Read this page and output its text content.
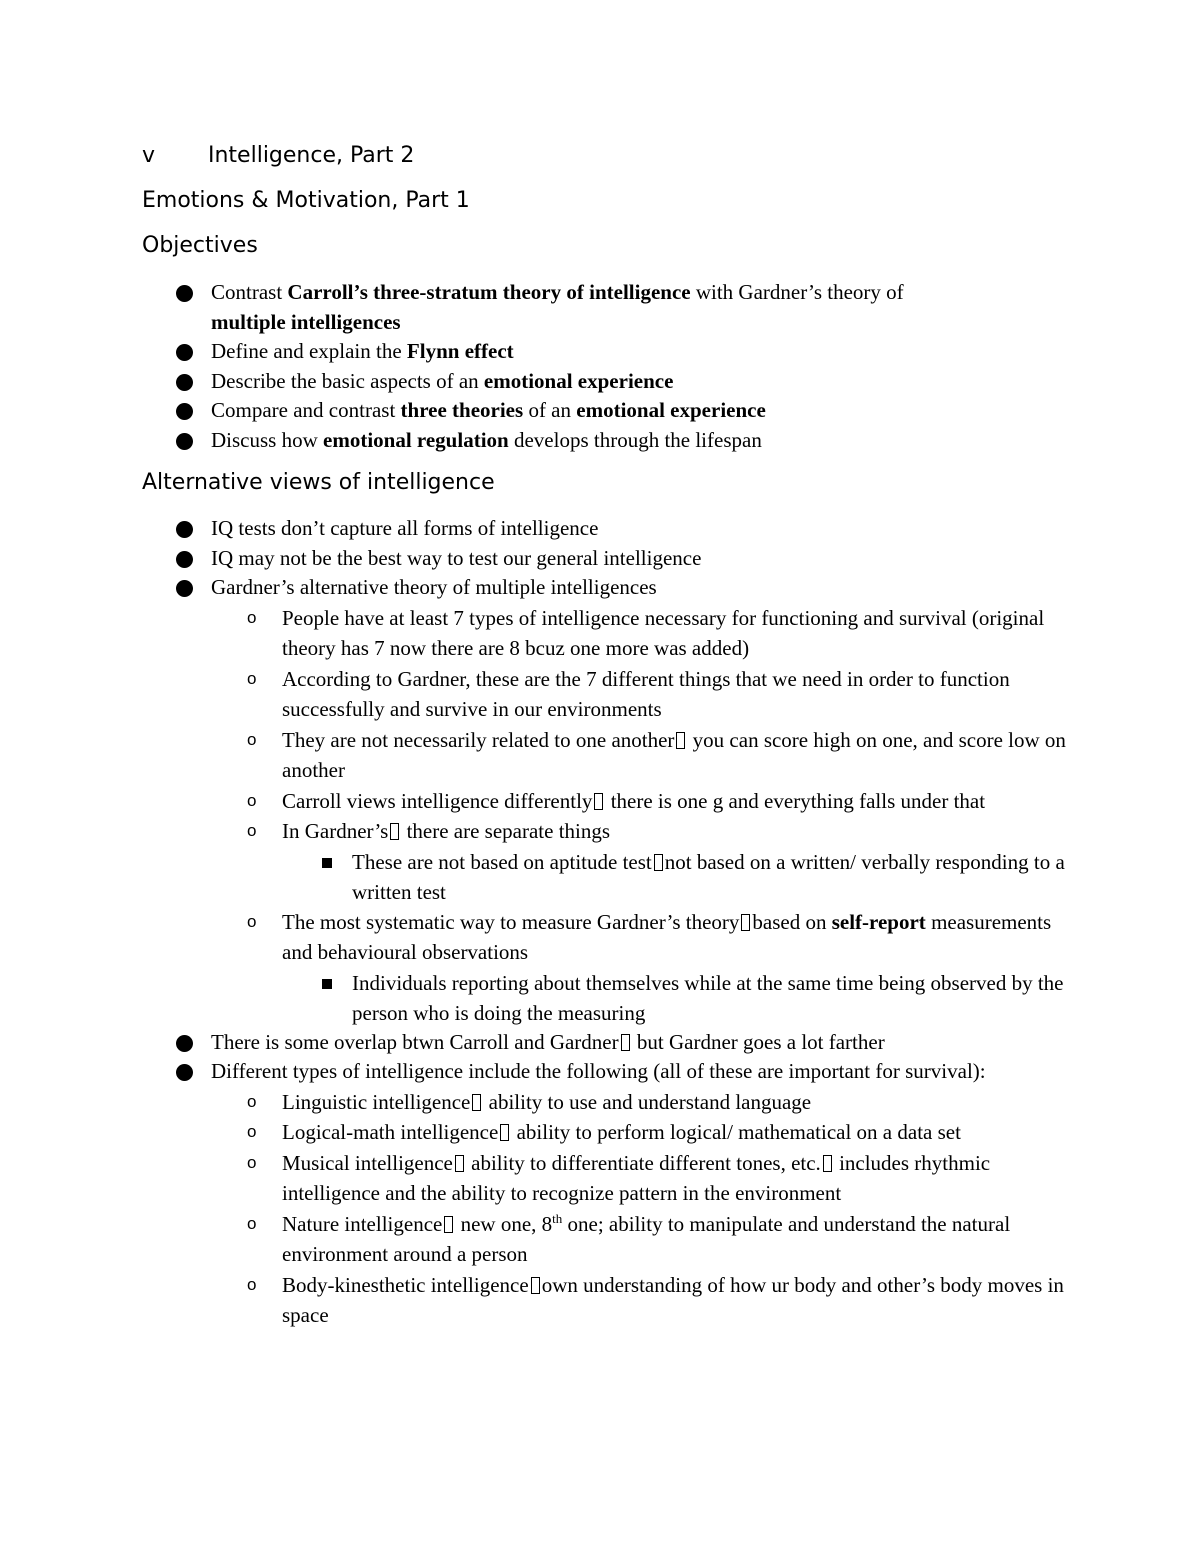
v Intelligence, Part 2
Emotions & Motivation, Part 1
Objectives
Contrast Carroll’s three-stratum theory of intelligence with Gardner’s theory of
multiple intelligences
Define and explain the Flynn effect
Describe the basic aspects of an emotional experience
Compare and contrast three theories of an emotional experience
Discuss how emotional regulation develops through the lifespan
Alternative views of intelligence
IQ tests don’t capture all forms of intelligence
IQ may not be the best way to test our general intelligence
Gardner’s alternative theory of multiple intelligences
o People have at least 7 types of intelligence necessary for functioning and survival (original theory has 7 now there are 8 bcuz one more was added)
o According to Gardner, these are the 7 different things that we need in order to function successfully and survive in our environments
o They are not necessarily related to one another you can score high on one, and score low on another
o Carroll views intelligence differently there is one g and everything falls under that
o In Gardner’s there are separate things
These are not based on aptitude test not based on a written/ verbally responding to a written test
o The most systematic way to measure Gardner’s theory based on self-report measurements and behavioural observations
Individuals reporting about themselves while at the same time being observed by the person who is doing the measuring
There is some overlap btwn Carroll and Gardner but Gardner goes a lot farther
Different types of intelligence include the following (all of these are important for survival):
o Linguistic intelligence ability to use and understand language
o Logical-math intelligence ability to perform logical/ mathematical on a data set
o Musical intelligence ability to differentiate different tones, etc. includes rhythmic intelligence and the ability to recognize pattern in the environment
o Nature intelligence new one, 8th one; ability to manipulate and understand the natural environment around a person
o Body-kinesthetic intelligence own understanding of how ur body and other’s body moves in space
